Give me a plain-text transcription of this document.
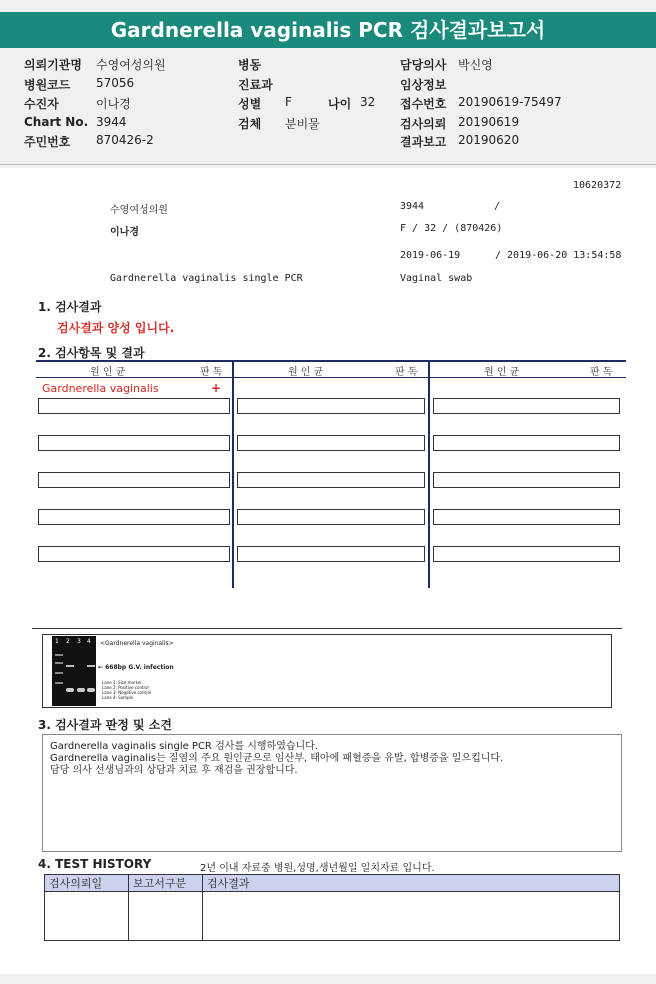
Gardnerella vaginalis PCR 검사결과보고서
의뢰기관명 수영여성의원	병동	담당의사 박신영
병원코드 57056	진료과	임상정보
수진자	이나경	성별 F	나이 32 접수번호 20190619-75497
Chart No. 3944	검체 분비물	검사의뢰 20190619
주민번호 870426-2	결과보고 20190620
10620372
수영여성의원	3944	/
이나경	F / 32 / (870426)
2019-06-19	/ 2019-06-20 13:54:58
Gardnerella vaginalis single PCR	Vaginal swab
1. 검사결과
검사결과 양성 입니다.
2. 검사항목 및 결과
원 인 균	판 독	원 인 균	판 독	원 인 균	판 독
Gardnerella vaginalis	+
1 2 3 4 <Gardnerella vaginalis>
← 668bp G.V. infection
Lane 1: Size marker
Lane 2: Positive control
Lane 3: Negative control
Lane 4: Sample
3. 검사결과 판정 및 소견
Gardnerella vaginalis single PCR 검사를 시행하였습니다.
Gardnerella vaginalis는 질염의 주요 원인균으로 임산부, 태아에 패혈증을 유발, 합병증을 일으킵니다.
담당 의사 선생님과의 상담과 치료 후 재검을 권장합니다.
4. TEST HISTORY	2년 이내 자료중 병원,성명,생년월일 일치자료 입니다.
검사의뢰일	보고서구분	검사결과
